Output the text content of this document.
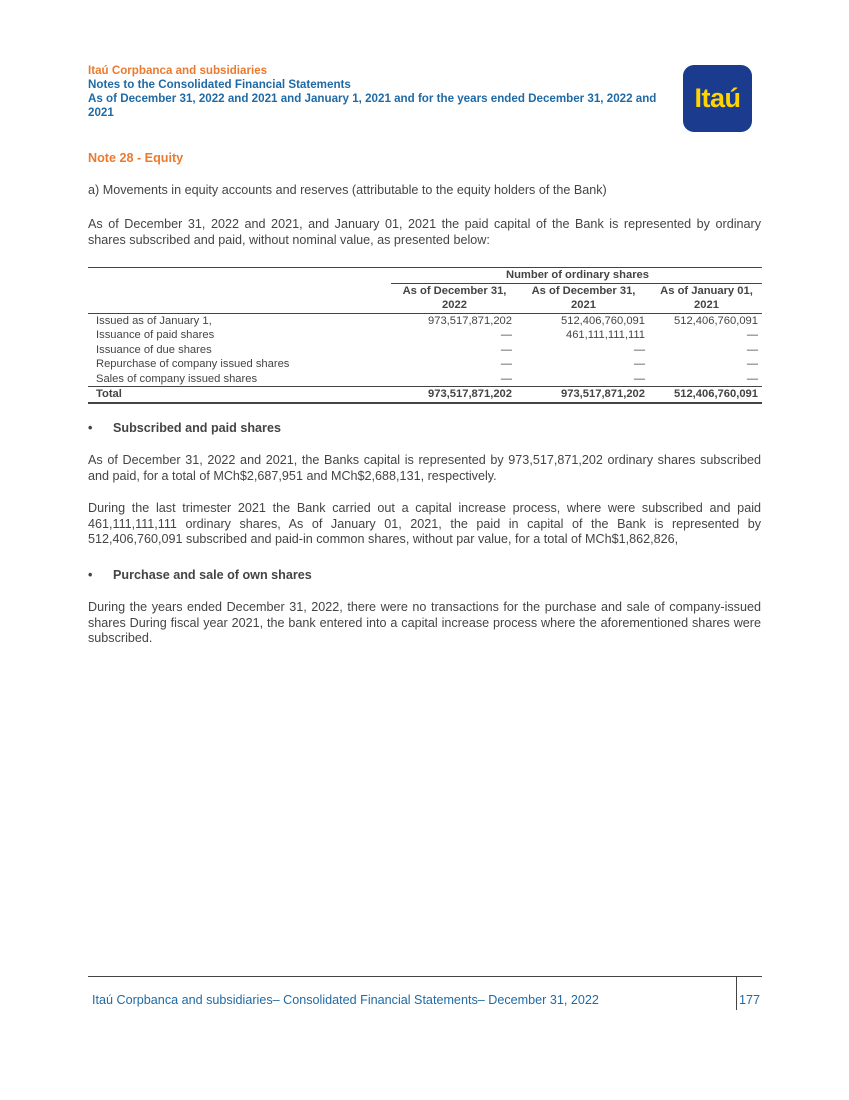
Itaú Corpbanca and subsidiaries
Notes to the Consolidated Financial Statements
As of December 31, 2022 and 2021 and January 1, 2021 and for the years ended December 31, 2022 and 2021	Itaú
Note 28 - Equity
a) Movements in equity accounts and reserves (attributable to the equity holders of the Bank)
As of December 31, 2022 and 2021, and January 01, 2021 the paid capital of the Bank is represented by ordinary shares subscribed and paid, without nominal value, as presented below:
	Number of ordinary shares		
	As of December 31, 2022	As of December 31, 2021	As of January 01, 2021
Issued as of January 1,	973,517,871,202	512,406,760,091	512,406,760,091
Issuance of paid shares	—	461,111,111,111	—
Issuance of due shares	—	—	—
Repurchase of company issued shares	—	—	—
Sales of company issued shares	—	—	—
Total	973,517,871,202	973,517,871,202	512,406,760,091
• Subscribed and paid shares
As of December 31, 2022 and 2021, the Banks capital is represented by 973,517,871,202 ordinary shares subscribed and paid, for a total of MCh$2,687,951 and MCh$2,688,131, respectively.
During the last trimester 2021 the Bank carried out a capital increase process, where were subscribed and paid 461,111,111,111 ordinary shares, As of January 01, 2021, the paid in capital of the Bank is represented by 512,406,760,091 subscribed and paid-in common shares, without par value, for a total of MCh$1,862,826,
• Purchase and sale of own shares
During the years ended December 31, 2022, there were no transactions for the purchase and sale of company-issued shares During fiscal year 2021, the bank entered into a capital increase process where the aforementioned shares were subscribed.
Itaú Corpbanca and subsidiaries– Consolidated Financial Statements– December 31, 2022	177
